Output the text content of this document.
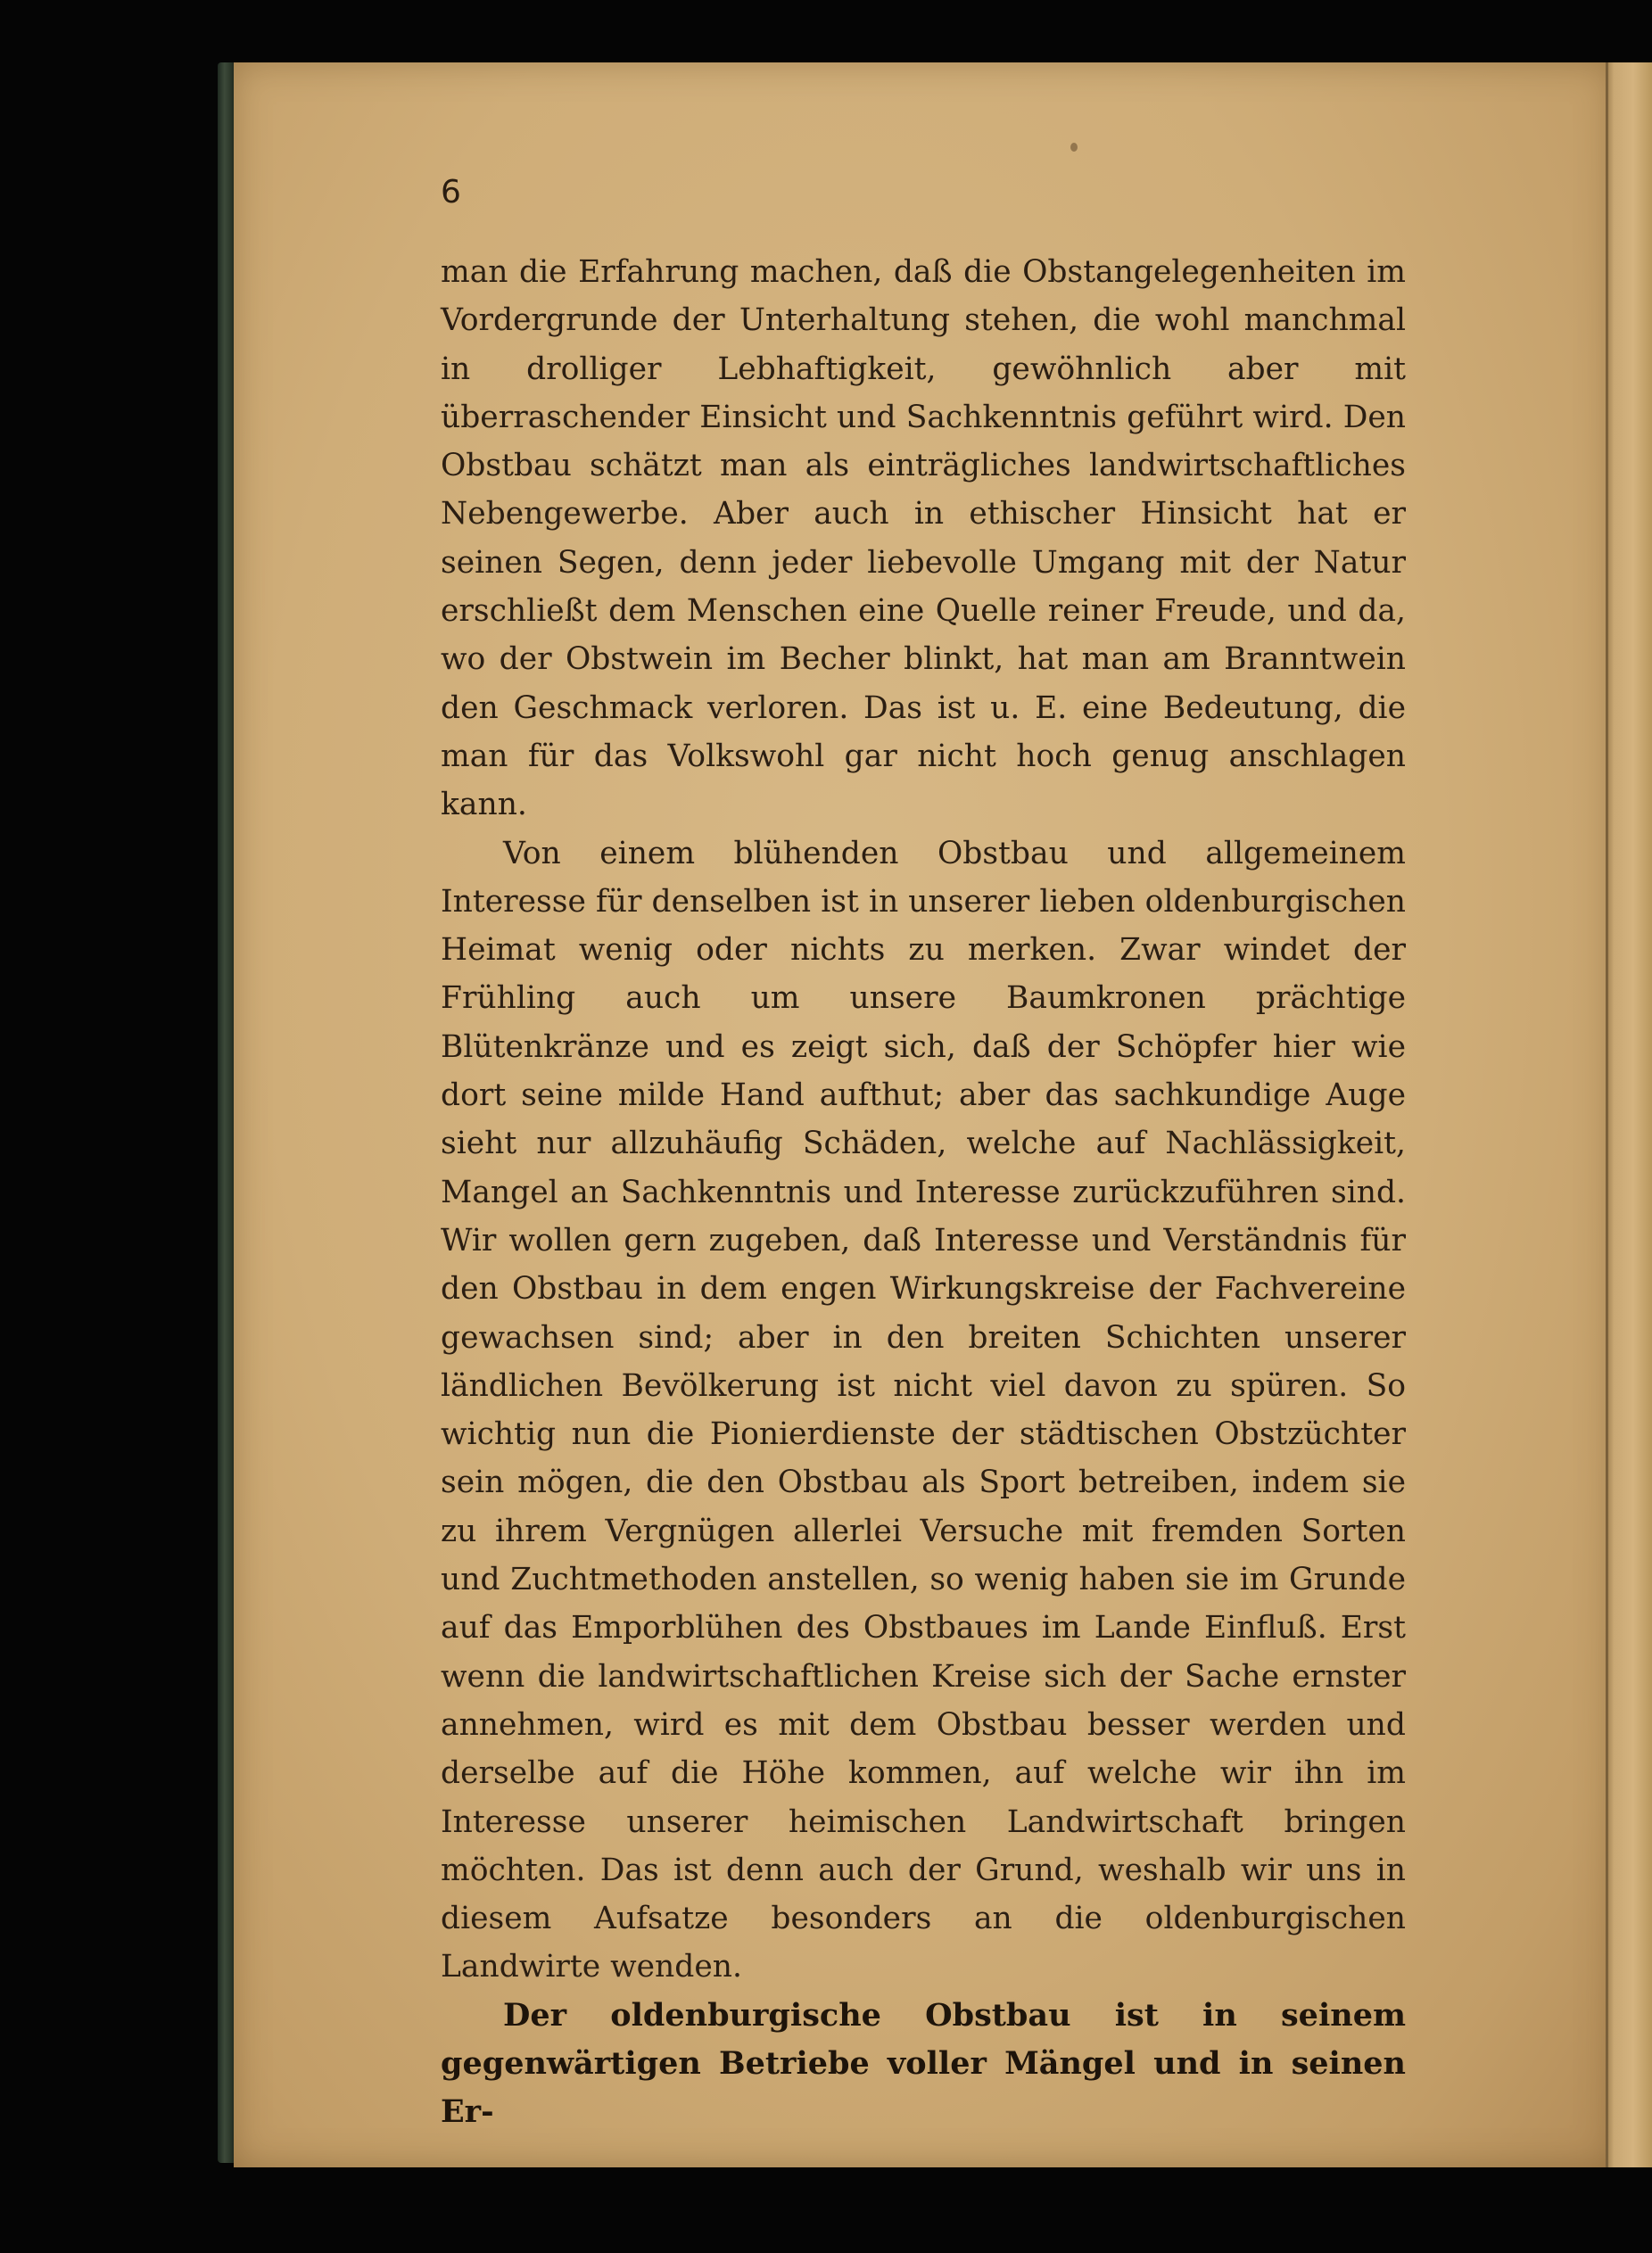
6

man die Erfahrung machen, daß die Obstangelegenheiten im Vordergrunde der Unterhaltung stehen, die wohl manchmal in drolliger Lebhaftigkeit, gewöhnlich aber mit überraschender Einsicht und Sachkenntnis geführt wird. Den Obstbau schätzt man als einträgliches landwirtschaftliches Nebengewerbe. Aber auch in ethischer Hinsicht hat er seinen Segen, denn jeder liebevolle Umgang mit der Natur erschließt dem Menschen eine Quelle reiner Freude, und da, wo der Obstwein im Becher blinkt, hat man am Branntwein den Geschmack verloren. Das ist u. E. eine Bedeutung, die man für das Volkswohl gar nicht hoch genug anschlagen kann.

Von einem blühenden Obstbau und allgemeinem Interesse für denselben ist in unserer lieben oldenburgischen Heimat wenig oder nichts zu merken. Zwar windet der Frühling auch um unsere Baumkronen prächtige Blütenkränze und es zeigt sich, daß der Schöpfer hier wie dort seine milde Hand aufthut; aber das sachkundige Auge sieht nur allzuhäufig Schäden, welche auf Nachlässigkeit, Mangel an Sachkenntnis und Interesse zurückzuführen sind. Wir wollen gern zugeben, daß Interesse und Verständnis für den Obstbau in dem engen Wirkungskreise der Fachvereine gewachsen sind; aber in den breiten Schichten unserer ländlichen Bevölkerung ist nicht viel davon zu spüren. So wichtig nun die Pionierdienste der städtischen Obstzüchter sein mögen, die den Obstbau als Sport betreiben, indem sie zu ihrem Vergnügen allerlei Versuche mit fremden Sorten und Zuchtmethoden anstellen, so wenig haben sie im Grunde auf das Emporblühen des Obstbaues im Lande Einfluß. Erst wenn die landwirtschaftlichen Kreise sich der Sache ernster annehmen, wird es mit dem Obstbau besser werden und derselbe auf die Höhe kommen, auf welche wir ihn im Interesse unserer heimischen Landwirtschaft bringen möchten. Das ist denn auch der Grund, weshalb wir uns in diesem Aufsatze besonders an die oldenburgischen Landwirte wenden.

Der oldenburgische Obstbau ist in seinem gegenwärtigen Betriebe voller Mängel und in seinen Er-
